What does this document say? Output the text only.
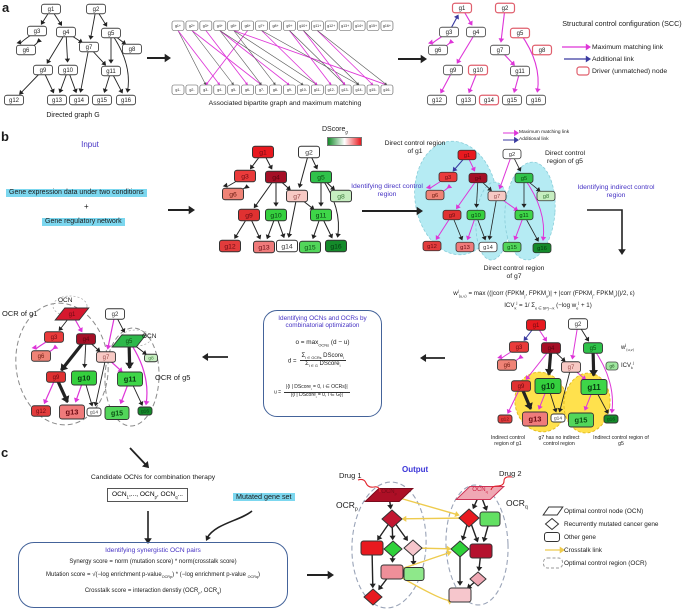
g1	g2
g3	g4	g5
g6	g7	g8
g9	g10	g11
g12	g13 g14 g15 g16
g1	g2
g3	g4	g5
g6	g7	g8
g9	g10	g11
g12	g13 g14 g15 g16
g1	g2
g3	g4	g5
g6	g7	g8
g9	g10	g11
g12	g13 g14 g15 g16
g1	g2
g3	g4	g5
g6	g7	g8
g9	g10	g11
g12	g13 g14 g15	g16
g1	g2
g3	g4	g5
g6	g7
g9 g10	g11
g12	g13	g14 g15	g16
g1	g2
g3	g4	g5
g6	g7	g8
g9 g10	g11
g12	g13 g14 g15	g16
g1+
g1-
g2+
g2-
g3+
g3-
g4+
g4-
g5+
g5-
g6+
g6-
g7+
g7-
g8+
g8-
g9+
g9-
g10+
g10-
g11+
g11-
g12+
g12-
g13+
g13-
g14+
g14-
g15+
g15-
g16+
g16-
g8
a
b
c
Directed graph G
Associated bipartite graph and maximum matching
Structural control configuration (SCC)
Maximum matching link
Additional link
Driver (unmatched) node
Input
Gene expression data under two conditions
+
Gene regulatory network
DScore$_g$
Identifying direct control region
Direct control region of g1	Direct control region of g5
Direct control region of g7
Maximum matching link
Additional link
Identifying indirect control region
$w^j_{⟨u,v⟩} = \max$ ((|corr ($FPKM_j$, $FPKM_u)|$ + |corr ($FPKM_j$, $FPKM_v)|)/2$, ε)
$ICV_k^j = 1/$ $\Sigma_{e \in SPj\to k}$ (−log $w_e^j + 1$)
Identifying OCNs and OCRs by combinatorial optimization
$o = \max_{OCNs} (d - u)$
$d = \frac{\Sigma_{i \in OCRs} DScore_i}{\Sigma_{i \in G} DScore_i}$
$u = \frac{|\{i | DScore_i = 0, i \in OCRs\}|}{|\{i | DScore_i = 0, i \in G\}|}$
OCR of g1
OCN
OCN
OCR of g5
$w^j_{⟨u,v⟩}$
$ICV_k^j$
Indirect control region of g1
g7 has no indirect control region
Indirect control region of g5
Candidate OCNs for combination therapy
$OCN_1$,..., $OCN_p$, $OCN_q$...	Mutated gene set
Identifying synergistic OCN pairs
Synergy score = norm (mutation score) * norm(crosstalk score)
Mutation score = √(−log enrichment p-value$_{OCRp}$) * (−log enrichment p-value $_{OCRq}$)
Crosstalk score = interaction denstiy ($OCR_p$, $OCR_q$)
Output
Drug 1	Drug 2
$OCR_p$
$OCR_q$
$OCN_p$
$OCN_q$
Optimal control node (OCN)
Recurrently mutated cancer gene
Other gene
Crosstalk link
Optimal control region (OCR)
